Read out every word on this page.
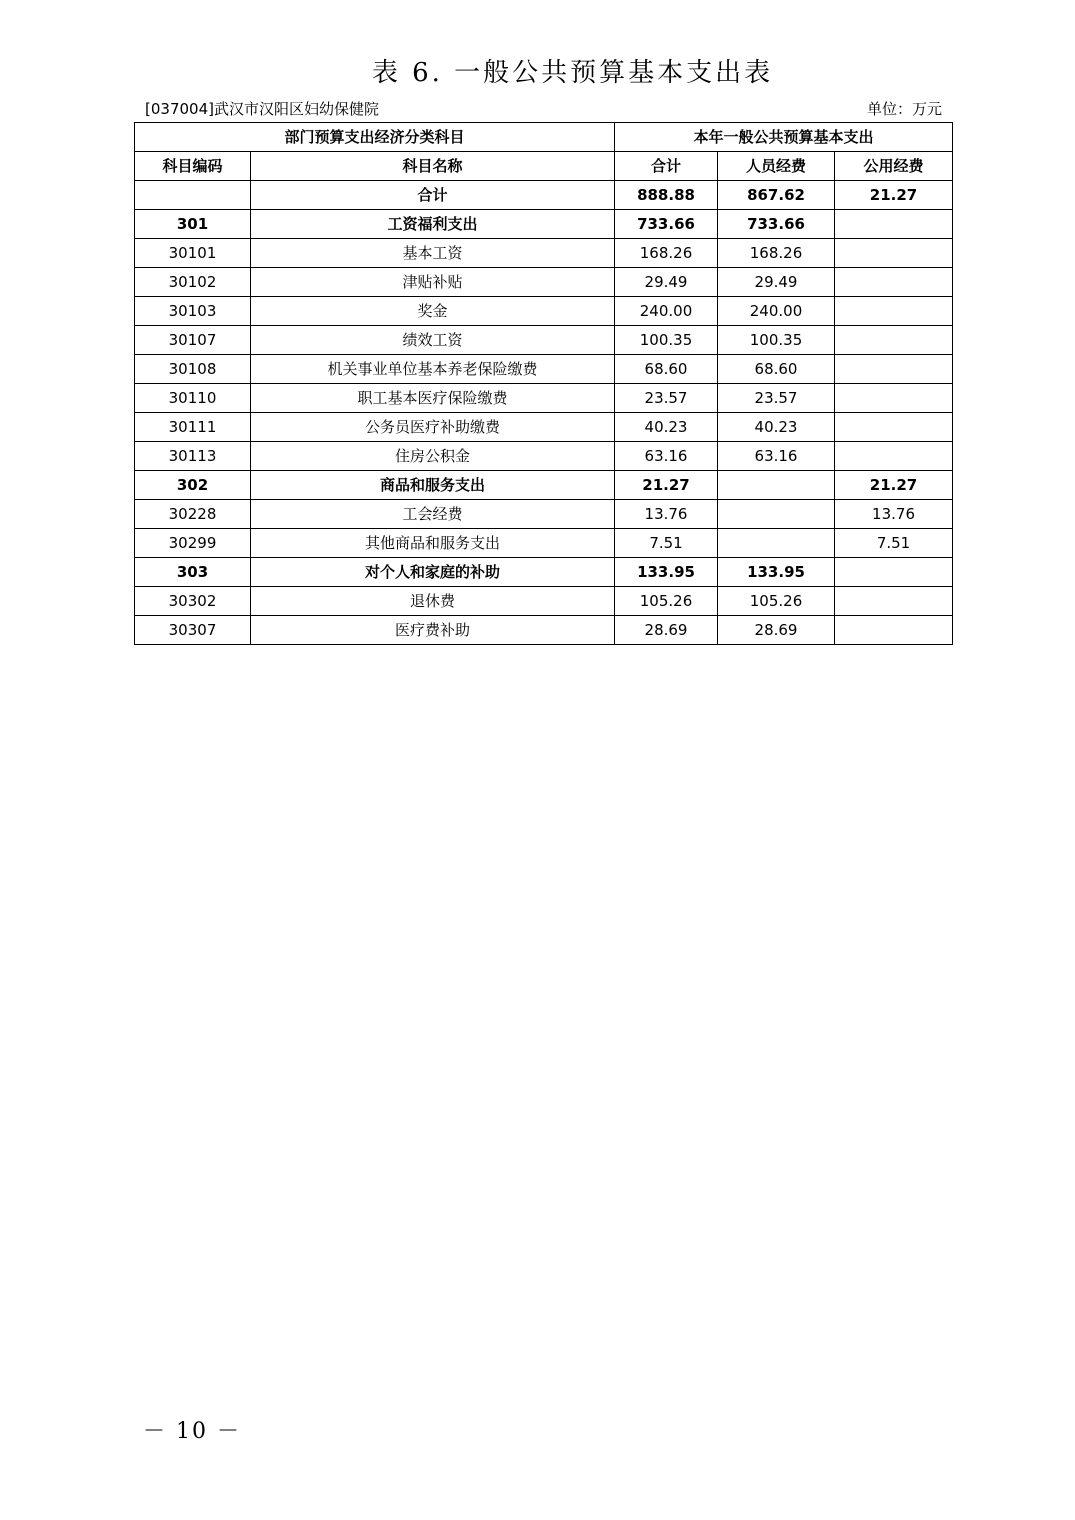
表 6. 一般公共预算基本支出表
[037004]武汉市汉阳区妇幼保健院	单位：万元
部门预算支出经济分类科目		本年一般公共预算基本支出		
科目编码	科目名称	合计	人员经费	公用经费
	合计	888.88	867.62	21.27
301	工资福利支出	733.66	733.66	
30101	基本工资	168.26	168.26	
30102	津贴补贴	29.49	29.49	
30103	奖金	240.00	240.00	
30107	绩效工资	100.35	100.35	
30108	机关事业单位基本养老保险缴费	68.60	68.60	
30110	职工基本医疗保险缴费	23.57	23.57	
30111	公务员医疗补助缴费	40.23	40.23	
30113	住房公积金	63.16	63.16	
302	商品和服务支出	21.27		21.27
30228	工会经费	13.76		13.76
30299	其他商品和服务支出	7.51		7.51
303	对个人和家庭的补助	133.95	133.95	
30302	退休费	105.26	105.26	
30307	医疗费补助	28.69	28.69	
－ 10 －
